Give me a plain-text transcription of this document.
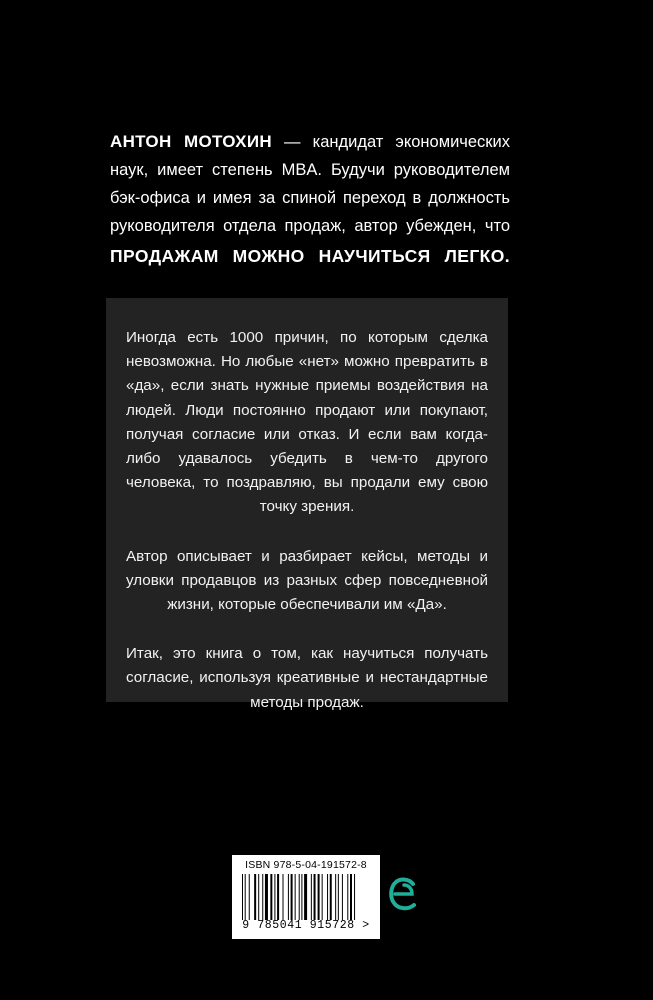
АНТОН МОТОХИН — кандидат экономических наук, имеет степень MBA. Будучи руководителем бэк-офиса и имея за спиной переход в должность руководителя отдела продаж, автор убежден, что
ПРОДАЖАМ МОЖНО НАУЧИТЬСЯ ЛЕГКО.

Иногда есть 1000 причин, по которым сделка невозможна. Но любые «нет» можно превратить в «да», если знать нужные приемы воздействия на людей. Люди постоянно продают или покупают, получая согласие или отказ. И если вам когда-либо удавалось убедить в чем-то другого человека, то поздравляю, вы продали ему свою точку зрения.

Автор описывает и разбирает кейсы, методы и уловки продавцов из разных сфер повседневной жизни, которые обеспечивали им «Да».

Итак, это книга о том, как научиться получать согласие, используя креативные и нестандартные методы продаж.

ISBN 978-5-04-191572-8
9 785041 915728 >
